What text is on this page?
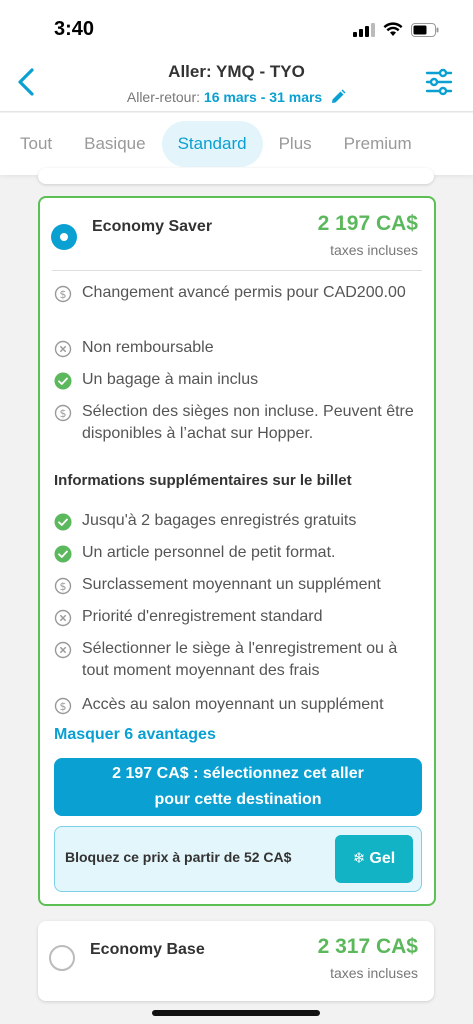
3:40
Aller: YMQ - TYO
Aller-retour: 16 mars - 31 mars
Tout	Basique	Standard	Plus	Premium
Economy Saver	2 197 CA$
taxes incluses
$ Changement avancé permis pour CAD200.00
Non remboursable
Un bagage à main inclus
$ Sélection des sièges non incluse. Peuvent être disponibles à l’achat sur Hopper.
Informations supplémentaires sur le billet
Jusqu'à 2 bagages enregistrés gratuits
Un article personnel de petit format.
$ Surclassement moyennant un supplément
Priorité d'enregistrement standard
Sélectionner le siège à l'enregistrement ou à tout moment moyennant des frais
$ Accès au salon moyennant un supplément
Masquer 6 avantages
2 197 CA$ : sélectionnez cet aller
pour cette destination
Bloquez ce prix à partir de 52 CA$	❄ Gel
Economy Base	2 317 CA$
taxes incluses
